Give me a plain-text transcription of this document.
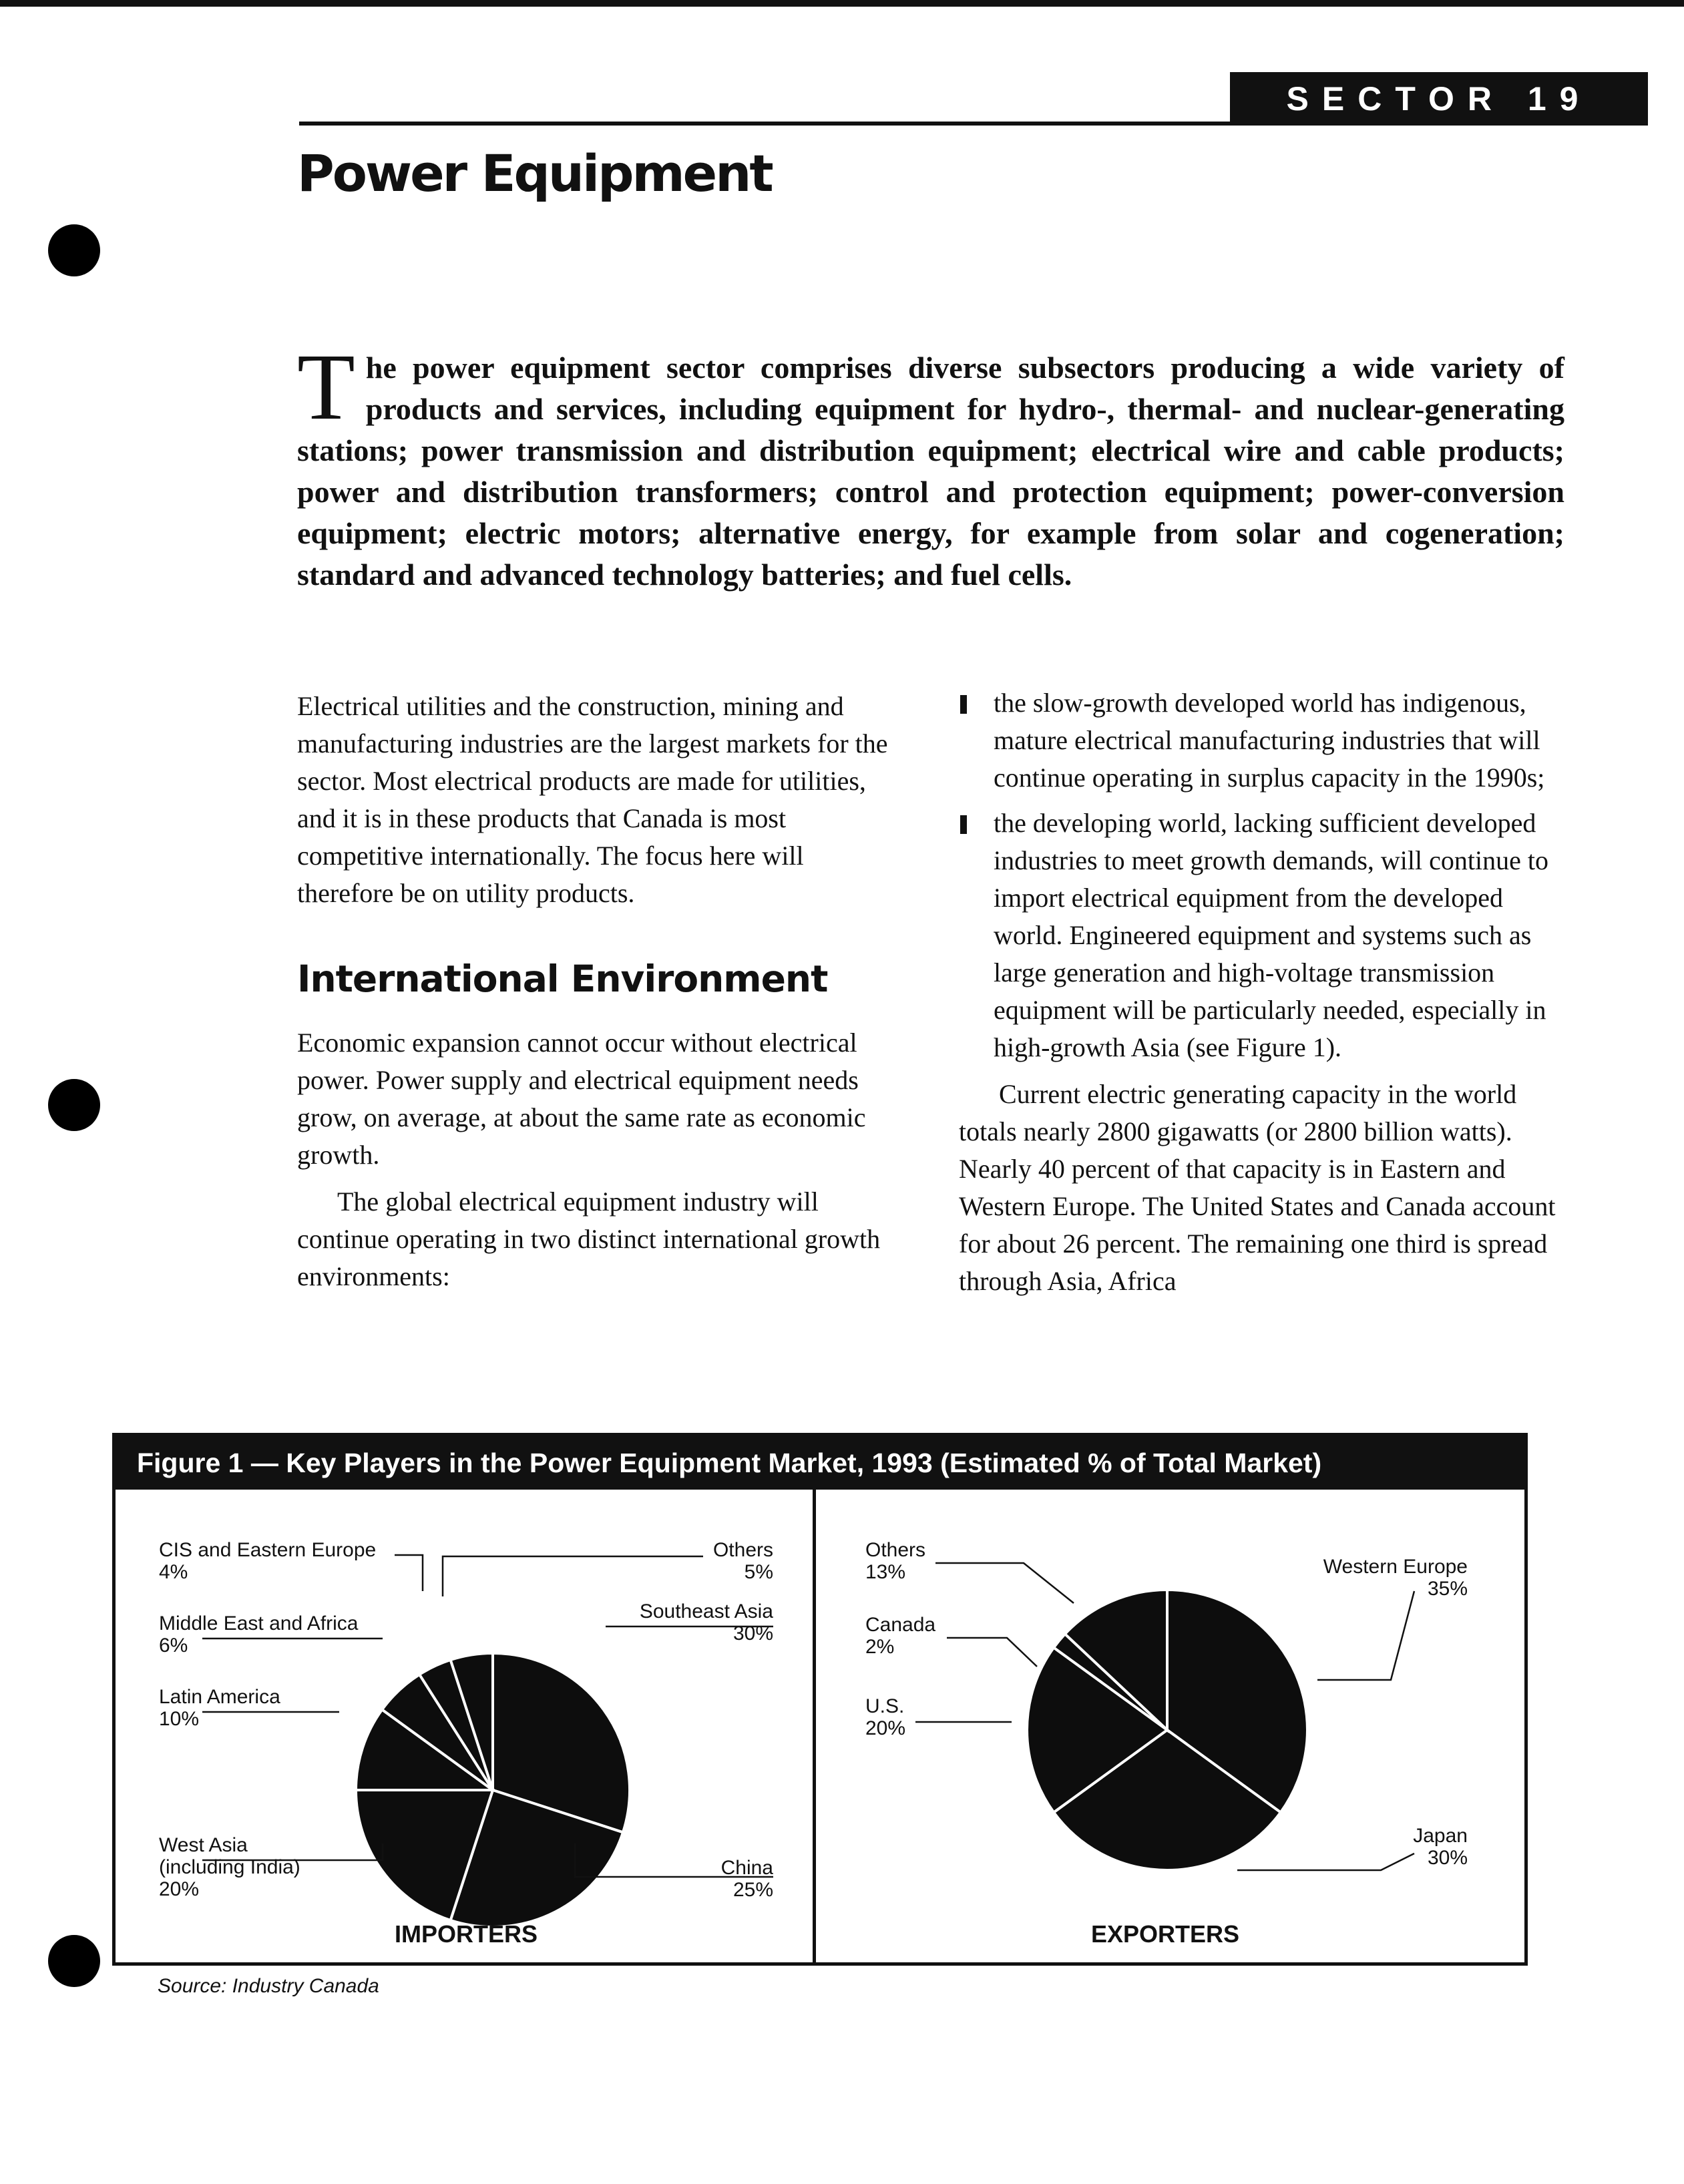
SECTOR 19
Power Equipment

The power equipment sector comprises diverse subsectors producing a wide variety of products and services, including equipment for hydro-, thermal- and nuclear-generating stations; power transmission and distribution equipment; electrical wire and cable products; power and distribution transformers; control and protection equipment; power-conversion equipment; electric motors; alternative energy, for example from solar and cogeneration; standard and advanced technology batteries; and fuel cells.

Electrical utilities and the construction, mining and manufacturing industries are the largest markets for the sector. Most electrical products are made for utilities, and it is in these products that Canada is most competitive internationally. The focus here will therefore be on utility products.

International Environment

Economic expansion cannot occur without electrical power. Power supply and electrical equipment needs grow, on average, at about the same rate as economic growth.

The global electrical equipment industry will continue operating in two distinct international growth environments:

the slow-growth developed world has indigenous, mature electrical manufacturing industries that will continue operating in surplus capacity in the 1990s;
the developing world, lacking sufficient developed industries to meet growth demands, will continue to import electrical equipment from the developed world. Engineered equipment and systems such as large generation and high-voltage transmission equipment will be particularly needed, especially in high-growth Asia (see Figure 1).

Current electric generating capacity in the world totals nearly 2800 gigawatts (or 2800 billion watts). Nearly 40 percent of that capacity is in Eastern and Western Europe. The United States and Canada account for about 26 percent. The remaining one third is spread through Asia, Africa

Figure 1 — Key Players in the Power Equipment Market, 1993 (Estimated % of Total Market)
Southeast Asia
30%
China
25%
West Asia
(including India)
20%
Latin America
10%
Middle East and Africa
6%
CIS and Eastern Europe
4%
Others
5%
IMPORTERS
Western Europe
35%
Japan
30%
U.S.
20%
Canada
2%
Others
13%
EXPORTERS
Source: Industry Canada
